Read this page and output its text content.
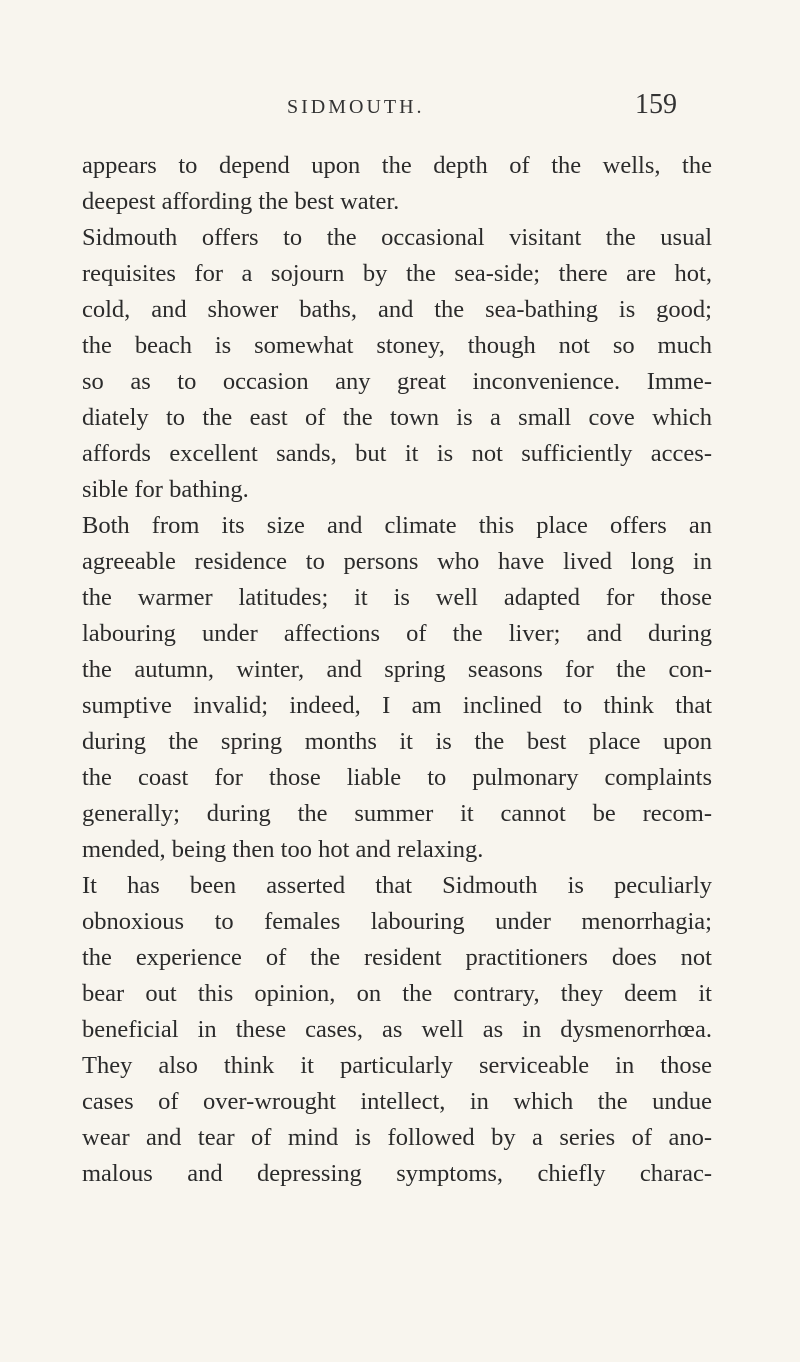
SIDMOUTH.	159
appears to depend upon the depth of the wells, the
deepest affording the best water.
Sidmouth offers to the occasional visitant the usual
requisites for a sojourn by the sea-side; there are hot,
cold, and shower baths, and the sea-bathing is good;
the beach is somewhat stoney, though not so much
so as to occasion any great inconvenience. Imme-
diately to the east of the town is a small cove which
affords excellent sands, but it is not sufficiently acces-
sible for bathing.
Both from its size and climate this place offers an
agreeable residence to persons who have lived long in
the warmer latitudes; it is well adapted for those
labouring under affections of the liver; and during
the autumn, winter, and spring seasons for the con-
sumptive invalid; indeed, I am inclined to think that
during the spring months it is the best place upon
the coast for those liable to pulmonary complaints
generally; during the summer it cannot be recom-
mended, being then too hot and relaxing.
It has been asserted that Sidmouth is peculiarly
obnoxious to females labouring under menorrhagia;
the experience of the resident practitioners does not
bear out this opinion, on the contrary, they deem it
beneficial in these cases, as well as in dysmenorrhœa.
They also think it particularly serviceable in those
cases of over-wrought intellect, in which the undue
wear and tear of mind is followed by a series of ano-
malous and depressing symptoms, chiefly charac-
